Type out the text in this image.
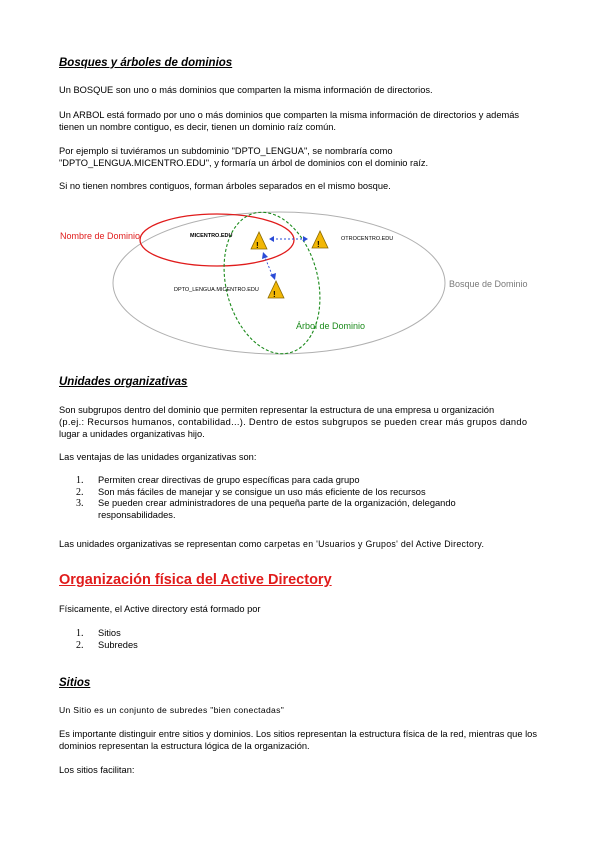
Bosques y árboles de dominios

Un BOSQUE son uno o más dominios que comparten la misma información de directorios.

Un ARBOL está formado por uno o más dominios que comparten la misma información de directorios y además tienen un nombre contiguo, es decir, tienen un dominio raíz común.

Por ejemplo si tuviéramos un subdominio "DPTO_LENGUA", se nombraría como "DPTO_LENGUA.MICENTRO.EDU", y formaría un árbol de dominios con el dominio raíz.

Si no tienen nombres contiguos, forman árboles separados en el mismo bosque.

!	!
!
Nombre de Dominio	MICENTRO.EDU	OTROCENTRO.EDU
DPTO_LENGUA.MICENTRO.EDU
Bosque de Dominio
Árbol de Dominio
Unidades organizativas
Son subgrupos dentro del dominio que permiten representar la estructura de una empresa u organización
(p.ej.: Recursos humanos, contabilidad...). Dentro de estos subgrupos se pueden crear más grupos dando
lugar a unidades organizativas hijo.

Las ventajas de las unidades organizativas son:

1. Permiten crear directivas de grupo específicas para cada grupo
2. Son más fáciles de manejar y se consigue un uso más eficiente de los recursos
3. Se pueden crear administradores de una pequeña parte de la organización, delegando responsabilidades.

Las unidades organizativas se representan como carpetas en 'Usuarios y Grupos' del Active Directory.

Organización física del Active Directory

Físicamente, el Active directory está formado por

1. Sitios
2. Subredes
Sitios

Un Sitio es un conjunto de subredes "bien conectadas"

Es importante distinguir entre sitios y dominios. Los sitios representan la estructura física de la red, mientras que los dominios representan la estructura lógica de la organización.

Los sitios facilitan:
